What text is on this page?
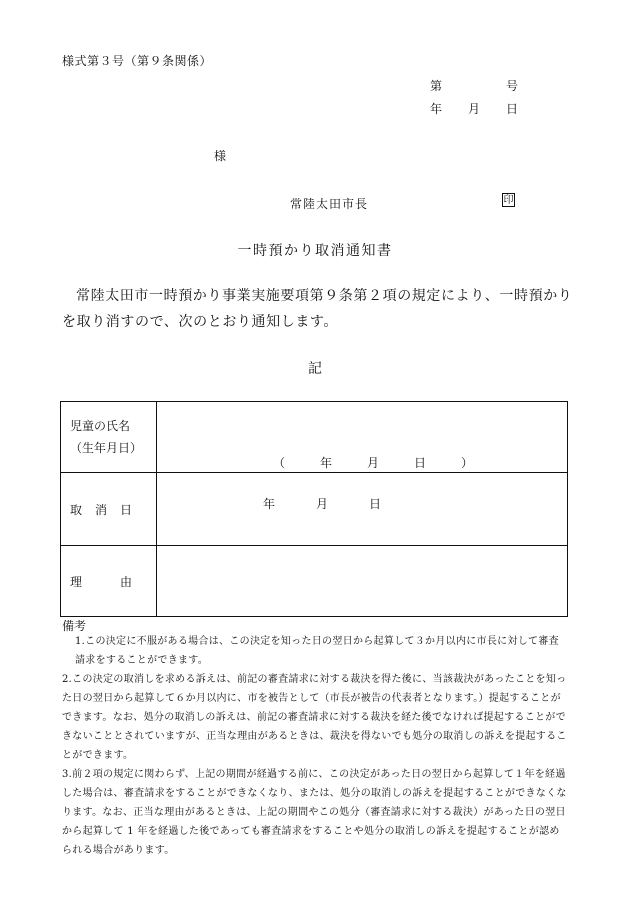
様式第３号（第９条関係）
第	号
年 月 日
様
常陸太田市長	印
一時預かり取消通知書
常陸太田市一時預かり事業実施要項第９条第２項の規定により、一時預かりを取り消すので、次のとおり通知します。
記
児童の氏名
（生年月日）	（ 年 月 日 ）

取 消 日	年 月 日

理 由	

備考

1.この決定に不服がある場合は、この決定を知った日の翌日から起算して３か月以内に市長に対して審査請求をすることができます。

2.この決定の取消しを求める訴えは、前記の審査請求に対する裁決を得た後に、当該裁決があったことを知った日の翌日から起算して６か月以内に、市を被告として（市長が被告の代表者となります。）提起することができます。なお、処分の取消しの訴えは、前記の審査請求に対する裁決を経た後でなければ提起することができないこととされていますが、正当な理由があるときは、裁決を得ないでも処分の取消しの訴えを提起することができます。

3.前２項の規定に関わらず、上記の期間が経過する前に、この決定があった日の翌日から起算して１年を経過した場合は、審査請求をすることができなくなり、または、処分の取消しの訴えを提起することができなくなります。なお、正当な理由があるときは、上記の期間やこの処分（審査請求に対する裁決）があった日の翌日から起算して 1 年を経過した後であっても審査請求をすることや処分の取消しの訴えを提起することが認められる場合があります。
